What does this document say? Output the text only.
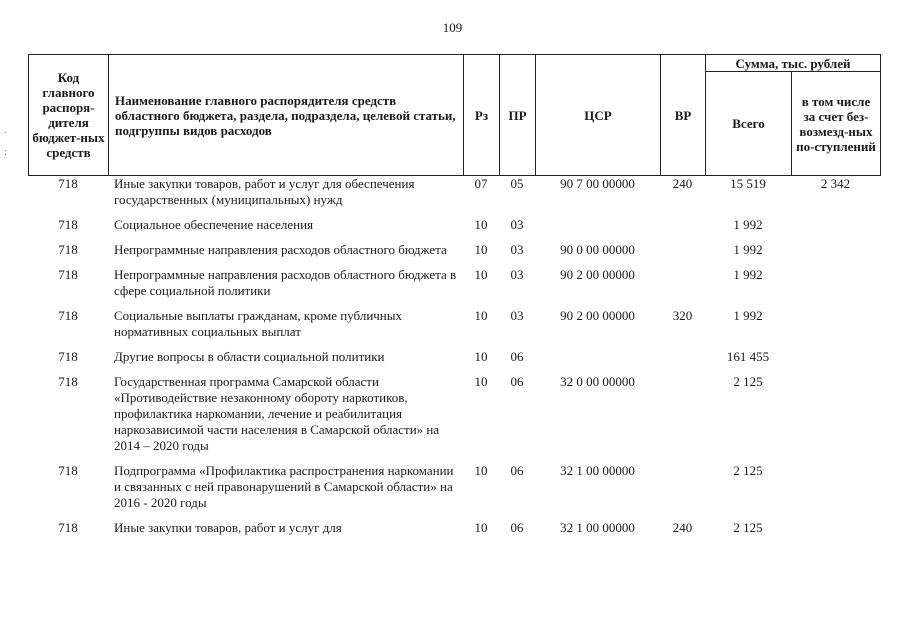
109
.

:
Код главного распоря-дителя бюджет-ных средств	Наименование главного распорядителя средств областного бюджета, раздела, подраздела, целевой статьи, подгруппы видов расходов	Рз	ПР	ЦСР	ВР	Сумма, тыс. рублей	
						Всего	в том числе за счет без-возмезд-ных по-ступлений
718	Иные закупки товаров, работ и услуг для обеспечения государственных (муниципальных) нужд	07	05	90 7 00 00000	240	15 519	2 342
718	Социальное обеспечение населения	10	03			1 992	
718	Непрограммные направления расходов областного бюджета	10	03	90 0 00 00000		1 992	
718	Непрограммные направления расходов областного бюджета в сфере социальной политики	10	03	90 2 00 00000		1 992	
718	Социальные выплаты гражданам, кроме публичных нормативных социальных выплат	10	03	90 2 00 00000	320	1 992	
718	Другие вопросы в области социальной политики	10	06			161 455	
718	Государственная программа Самарской области «Противодействие незаконному обороту наркотиков, профилактика наркомании, лечение и реабилитация наркозависимой части населения в Самарской области» на 2014 – 2020 годы	10	06	32 0 00 00000		2 125	
718	Подпрограмма «Профилактика распространения наркомании и связанных с ней правонарушений в Самарской области» на 2016 - 2020 годы	10	06	32 1 00 00000		2 125	
718	Иные закупки товаров, работ и услуг для	10	06	32 1 00 00000	240	2 125	
